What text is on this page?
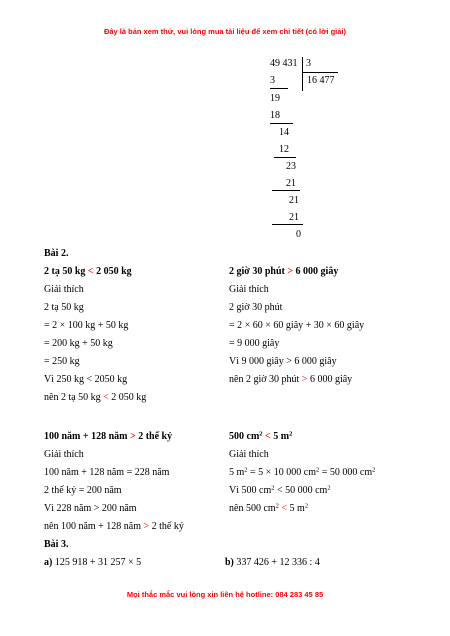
Đây là bản xem thử, vui lòng mua tài liệu để xem chi tiết (có lời giải)
49 431 3
16 477
3
19
18
14
12
23
21
21
21
0
Bài 2.
2 tạ 50 kg < 2 050 kg
Giải thích
2 tạ 50 kg
= 2 × 100 kg + 50 kg
= 200 kg + 50 kg
= 250 kg
Vì 250 kg < 2050 kg
nên 2 tạ 50 kg < 2 050 kg
2 giờ 30 phút > 6 000 giây
Giải thích
2 giờ 30 phút
= 2 × 60 × 60 giây + 30 × 60 giây
= 9 000 giây
Vì 9 000 giây > 6 000 giây
nên 2 giờ 30 phút > 6 000 giây
100 năm + 128 năm > 2 thế kỷ
Giải thích
100 năm + 128 năm = 228 năm
2 thế kỷ = 200 năm
Vì 228 năm > 200 năm
nên 100 năm + 128 năm > 2 thế kỷ
500 $cm^2 < 5$ $m^2$
Giải thích
5 $m^2 = 5 \times 10$ 000 $cm^2 = 50$ 000 $cm^2$
Vì 500 $cm^2 < 50$ 000 $cm^2$
nên 500 $cm^2 < 5$ $m^2$
Bài 3.
a) 125 918 + 31 257 × 5	b) 337 426 + 12 336 : 4
Mọi thắc mắc vui lòng xin liên hệ hotline: 084 283 45 85
